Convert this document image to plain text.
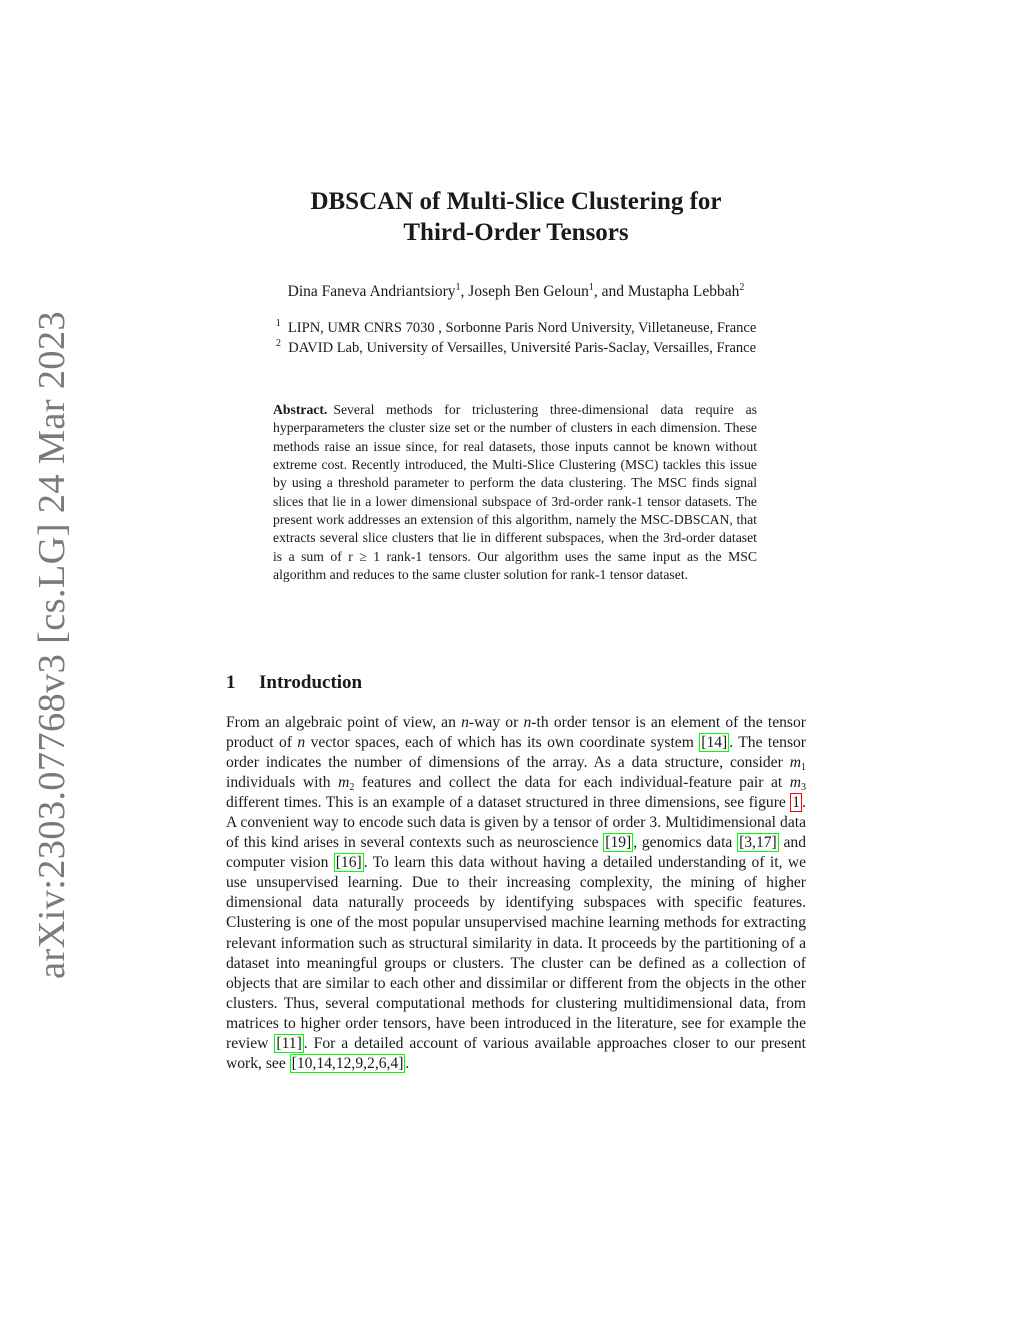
arXiv:2303.07768v3 [cs.LG] 24 Mar 2023
DBSCAN of Multi-Slice Clustering for
Third-Order Tensors
Dina Faneva Andriantsiory$^1$, Joseph Ben Geloun$^1$, and Mustapha Lebbah$^2$
$^1$ LIPN, UMR CNRS 7030 , Sorbonne Paris Nord University, Villetaneuse, France
$^2$ DAVID Lab, University of Versailles, Université Paris-Saclay, Versailles, France
Abstract. Several methods for triclustering three-dimensional data require as hyperparameters the cluster size set or the number of clusters in each dimension. These methods raise an issue since, for real datasets, those inputs cannot be known without extreme cost. Recently introduced, the Multi-Slice Clustering (MSC) tackles this issue by using a threshold parameter to perform the data clustering. The MSC finds signal slices that lie in a lower dimensional subspace of 3rd-order rank-1 tensor datasets. The present work addresses an extension of this algorithm, namely the MSC-DBSCAN, that extracts several slice clusters that lie in different subspaces, when the 3rd-order dataset is a sum of r ≥ 1 rank-1 tensors. Our algorithm uses the same input as the MSC algorithm and reduces to the same cluster solution for rank-1 tensor dataset.
1 Introduction
From an algebraic point of view, an n-way or n-th order tensor is an element of the tensor product of n vector spaces, each of which has its own coordinate system [14] . The tensor order indicates the number of dimensions of the array. As a data structure, consider $m_1$ individuals with $m_2$ features and collect the data for each individual-feature pair at $m_3$ different times. This is an example of a dataset structured in three dimensions, see figure 1 . A convenient way to encode such data is given by a tensor of order 3. Multidimensional data of this kind arises in several contexts such as neuroscience [19] , genomics data [3,17] and computer vision [16] . To learn this data without having a detailed understanding of it, we use unsupervised learning. Due to their increasing complexity, the mining of higher dimensional data naturally proceeds by identifying subspaces with specific features. Clustering is one of the most popular unsupervised machine learning methods for extracting relevant information such as structural similarity in data. It proceeds by the partitioning of a dataset into meaningful groups or clusters. The cluster can be defined as a collection of objects that are similar to each other and dissimilar or different from the objects in the other clusters. Thus, several computational methods for clustering multidimensional data, from matrices to higher order tensors, have been introduced in the literature, see for example the review [11] . For a detailed account of various available approaches closer to our present work, see [10,14,12,9,2,6,4] .
